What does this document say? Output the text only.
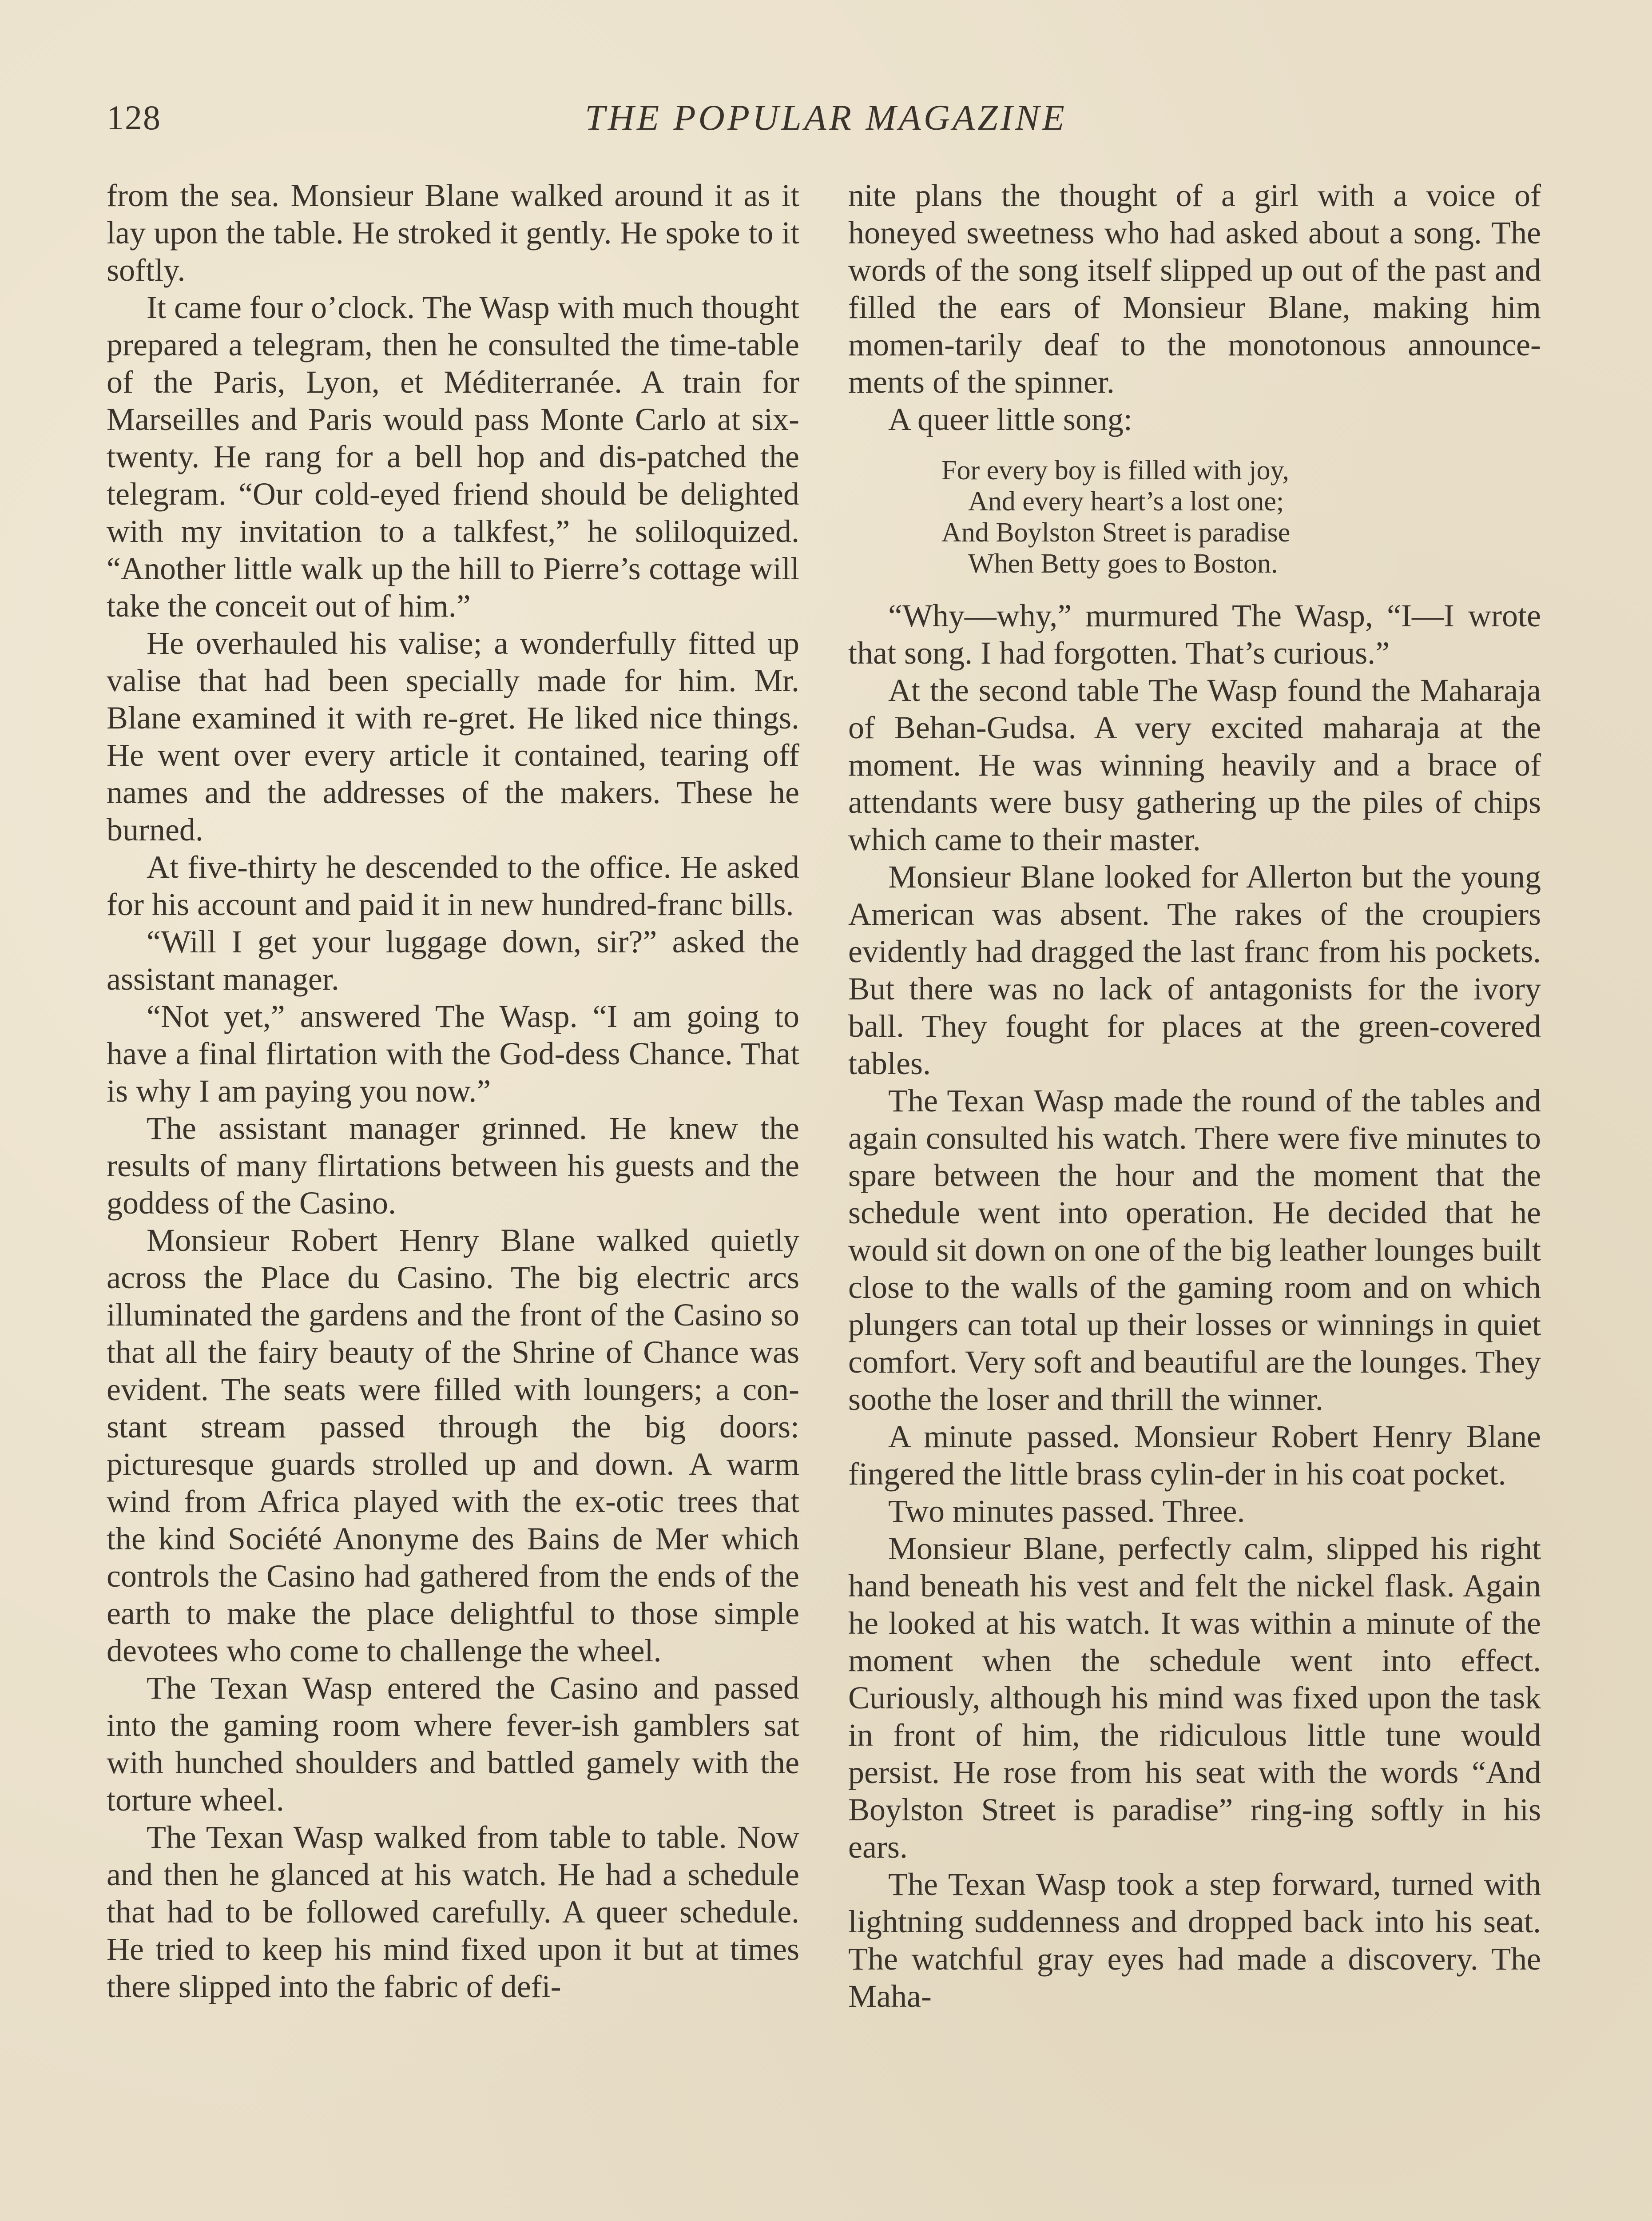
128	THE POPULAR MAGAZINE

from the sea. Monsieur Blane walked around it as it lay upon the table. He stroked it gently. He spoke to it softly.

It came four o’clock. The Wasp with much thought prepared a telegram, then he consulted the time-table of the Paris, Lyon, et Méditerranée. A train for Marseilles and Paris would pass Monte Carlo at six-twenty. He rang for a bell hop and dis-patched the telegram. “Our cold-eyed friend should be delighted with my invitation to a talkfest,” he soliloquized. “Another little walk up the hill to Pierre’s cottage will take the conceit out of him.”

He overhauled his valise; a wonderfully fitted up valise that had been specially made for him. Mr. Blane examined it with re-gret. He liked nice things. He went over every article it contained, tearing off names and the addresses of the makers. These he burned.

At five-thirty he descended to the office. He asked for his account and paid it in new hundred-franc bills.

“Will I get your luggage down, sir?” asked the assistant manager.

“Not yet,” answered The Wasp. “I am going to have a final flirtation with the God-dess Chance. That is why I am paying you now.”

The assistant manager grinned. He knew the results of many flirtations between his guests and the goddess of the Casino.

Monsieur Robert Henry Blane walked quietly across the Place du Casino. The big electric arcs illuminated the gardens and the front of the Casino so that all the fairy beauty of the Shrine of Chance was evident. The seats were filled with loungers; a con-stant stream passed through the big doors: picturesque guards strolled up and down. A warm wind from Africa played with the ex-otic trees that the kind Société Anonyme des Bains de Mer which controls the Casino had gathered from the ends of the earth to make the place delightful to those simple devotees who come to challenge the wheel.

The Texan Wasp entered the Casino and passed into the gaming room where fever-ish gamblers sat with hunched shoulders and battled gamely with the torture wheel.

The Texan Wasp walked from table to table. Now and then he glanced at his watch. He had a schedule that had to be followed carefully. A queer schedule. He tried to keep his mind fixed upon it but at times there slipped into the fabric of defi-

nite plans the thought of a girl with a voice of honeyed sweetness who had asked about a song. The words of the song itself slipped up out of the past and filled the ears of Monsieur Blane, making him momen-tarily deaf to the monotonous announce-ments of the spinner.

A queer little song:

For every boy is filled with joy,
And every heart’s a lost one;
And Boylston Street is paradise
When Betty goes to Boston.

“Why—why,” murmured The Wasp, “I—I wrote that song. I had forgotten. That’s curious.”

At the second table The Wasp found the Maharaja of Behan-Gudsa. A very excited maharaja at the moment. He was winning heavily and a brace of attendants were busy gathering up the piles of chips which came to their master.

Monsieur Blane looked for Allerton but the young American was absent. The rakes of the croupiers evidently had dragged the last franc from his pockets. But there was no lack of antagonists for the ivory ball. They fought for places at the green-covered tables.

The Texan Wasp made the round of the tables and again consulted his watch. There were five minutes to spare between the hour and the moment that the schedule went into operation. He decided that he would sit down on one of the big leather lounges built close to the walls of the gaming room and on which plungers can total up their losses or winnings in quiet comfort. Very soft and beautiful are the lounges. They soothe the loser and thrill the winner.

A minute passed. Monsieur Robert Henry Blane fingered the little brass cylin-der in his coat pocket.

Two minutes passed. Three.

Monsieur Blane, perfectly calm, slipped his right hand beneath his vest and felt the nickel flask. Again he looked at his watch. It was within a minute of the moment when the schedule went into effect. Curiously, although his mind was fixed upon the task in front of him, the ridiculous little tune would persist. He rose from his seat with the words “And Boylston Street is paradise” ring-ing softly in his ears.

The Texan Wasp took a step forward, turned with lightning suddenness and dropped back into his seat. The watchful gray eyes had made a discovery. The Maha-
